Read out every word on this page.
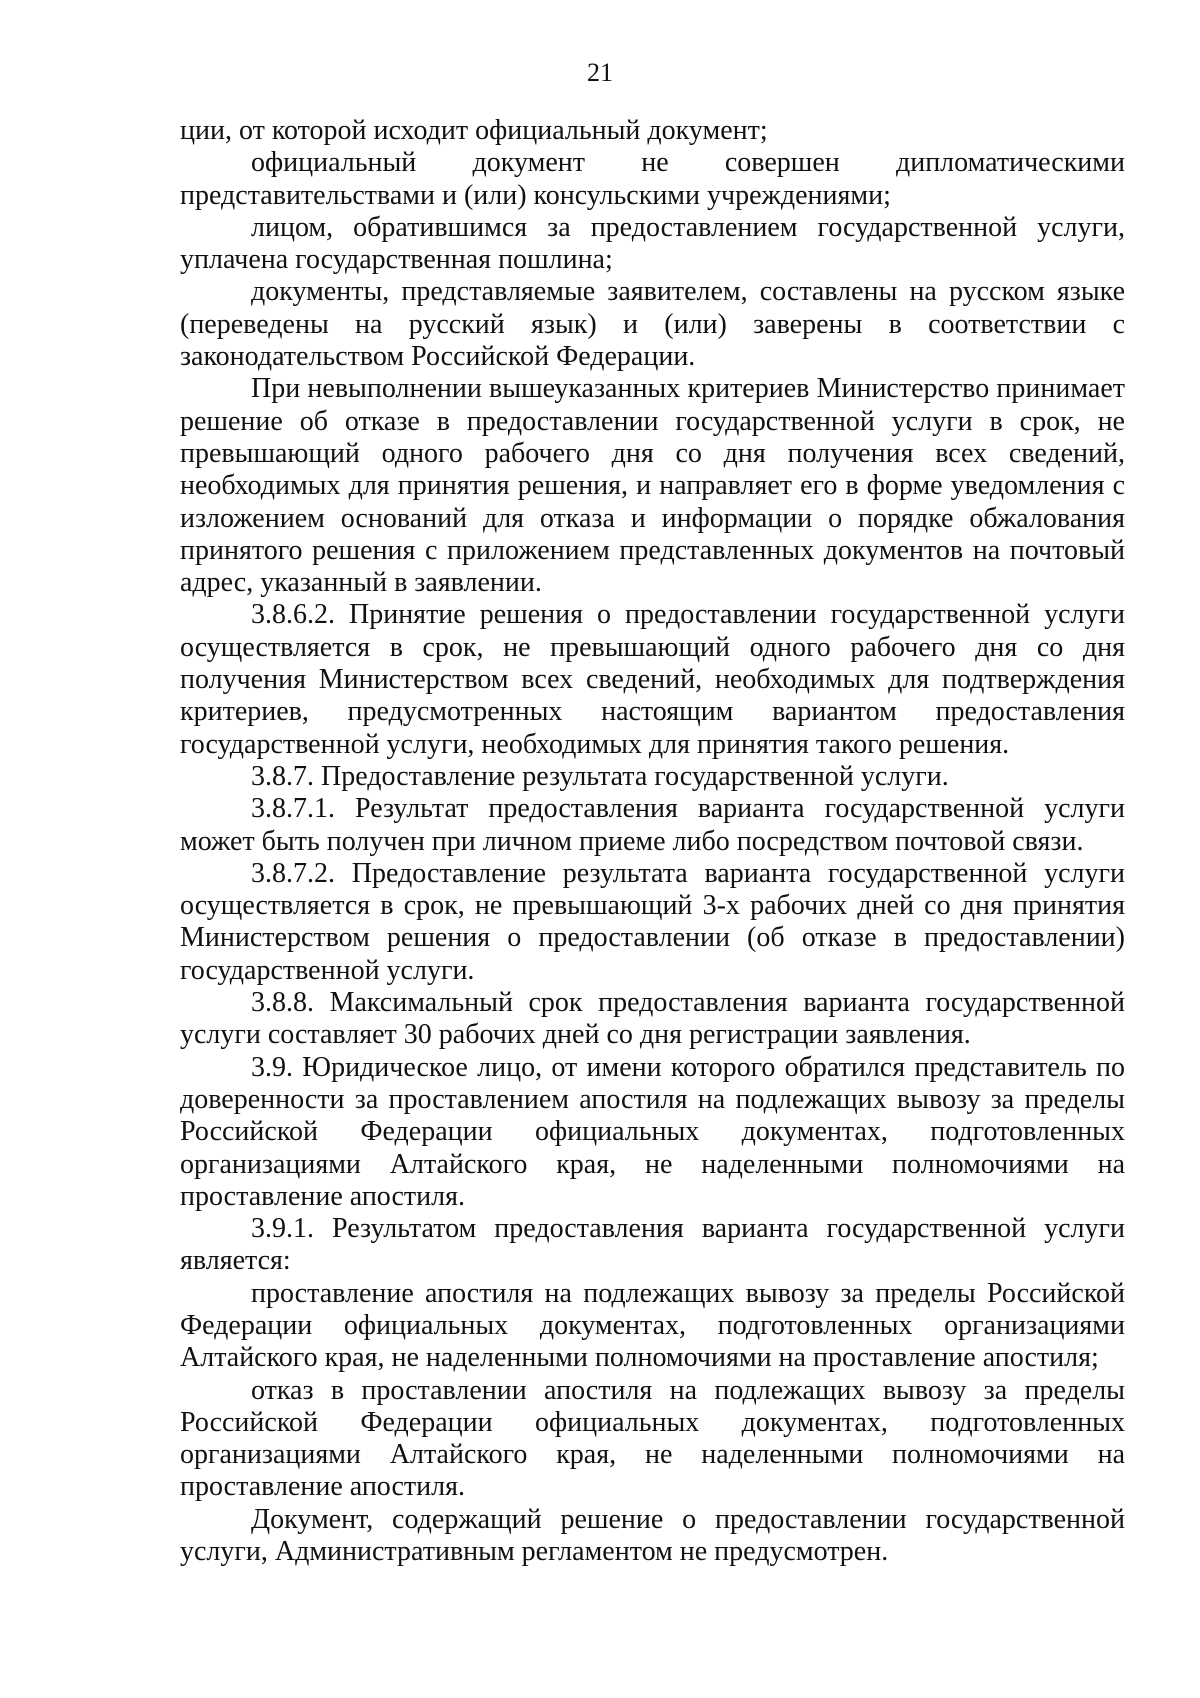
21

ции, от которой исходит официальный документ;

официальный документ не совершен дипломатическими представительствами и (или) консульскими учреждениями;

лицом, обратившимся за предоставлением государственной услуги, уплачена государственная пошлина;

документы, представляемые заявителем, составлены на русском языке (переведены на русский язык) и (или) заверены в соответствии с законодательством Российской Федерации.

При невыполнении вышеуказанных критериев Министерство принимает решение об отказе в предоставлении государственной услуги в срок, не превышающий одного рабочего дня со дня получения всех сведений, необходимых для принятия решения, и направляет его в форме уведомления с изложением оснований для отказа и информации о порядке обжалования принятого решения с приложением представленных документов на почтовый адрес, указанный в заявлении.

3.8.6.2. Принятие решения о предоставлении государственной услуги осуществляется в срок, не превышающий одного рабочего дня со дня получения Министерством всех сведений, необходимых для подтверждения критериев, предусмотренных настоящим вариантом предоставления государственной услуги, необходимых для принятия такого решения.

3.8.7. Предоставление результата государственной услуги.

3.8.7.1. Результат предоставления варианта государственной услуги может быть получен при личном приеме либо посредством почтовой связи.

3.8.7.2. Предоставление результата варианта государственной услуги осуществляется в срок, не превышающий 3-х рабочих дней со дня принятия Министерством решения о предоставлении (об отказе в предоставлении) государственной услуги.

3.8.8. Максимальный срок предоставления варианта государственной услуги составляет 30 рабочих дней со дня регистрации заявления.

3.9. Юридическое лицо, от имени которого обратился представитель по доверенности за проставлением апостиля на подлежащих вывозу за пределы Российской Федерации официальных документах, подготовленных организациями Алтайского края, не наделенными полномочиями на проставление апостиля.

3.9.1. Результатом предоставления варианта государственной услуги является:

проставление апостиля на подлежащих вывозу за пределы Российской Федерации официальных документах, подготовленных организациями Алтайского края, не наделенными полномочиями на проставление апостиля;

отказ в проставлении апостиля на подлежащих вывозу за пределы Российской Федерации официальных документах, подготовленных организациями Алтайского края, не наделенными полномочиями на проставление апостиля.

Документ, содержащий решение о предоставлении государственной услуги, Административным регламентом не предусмотрен.
